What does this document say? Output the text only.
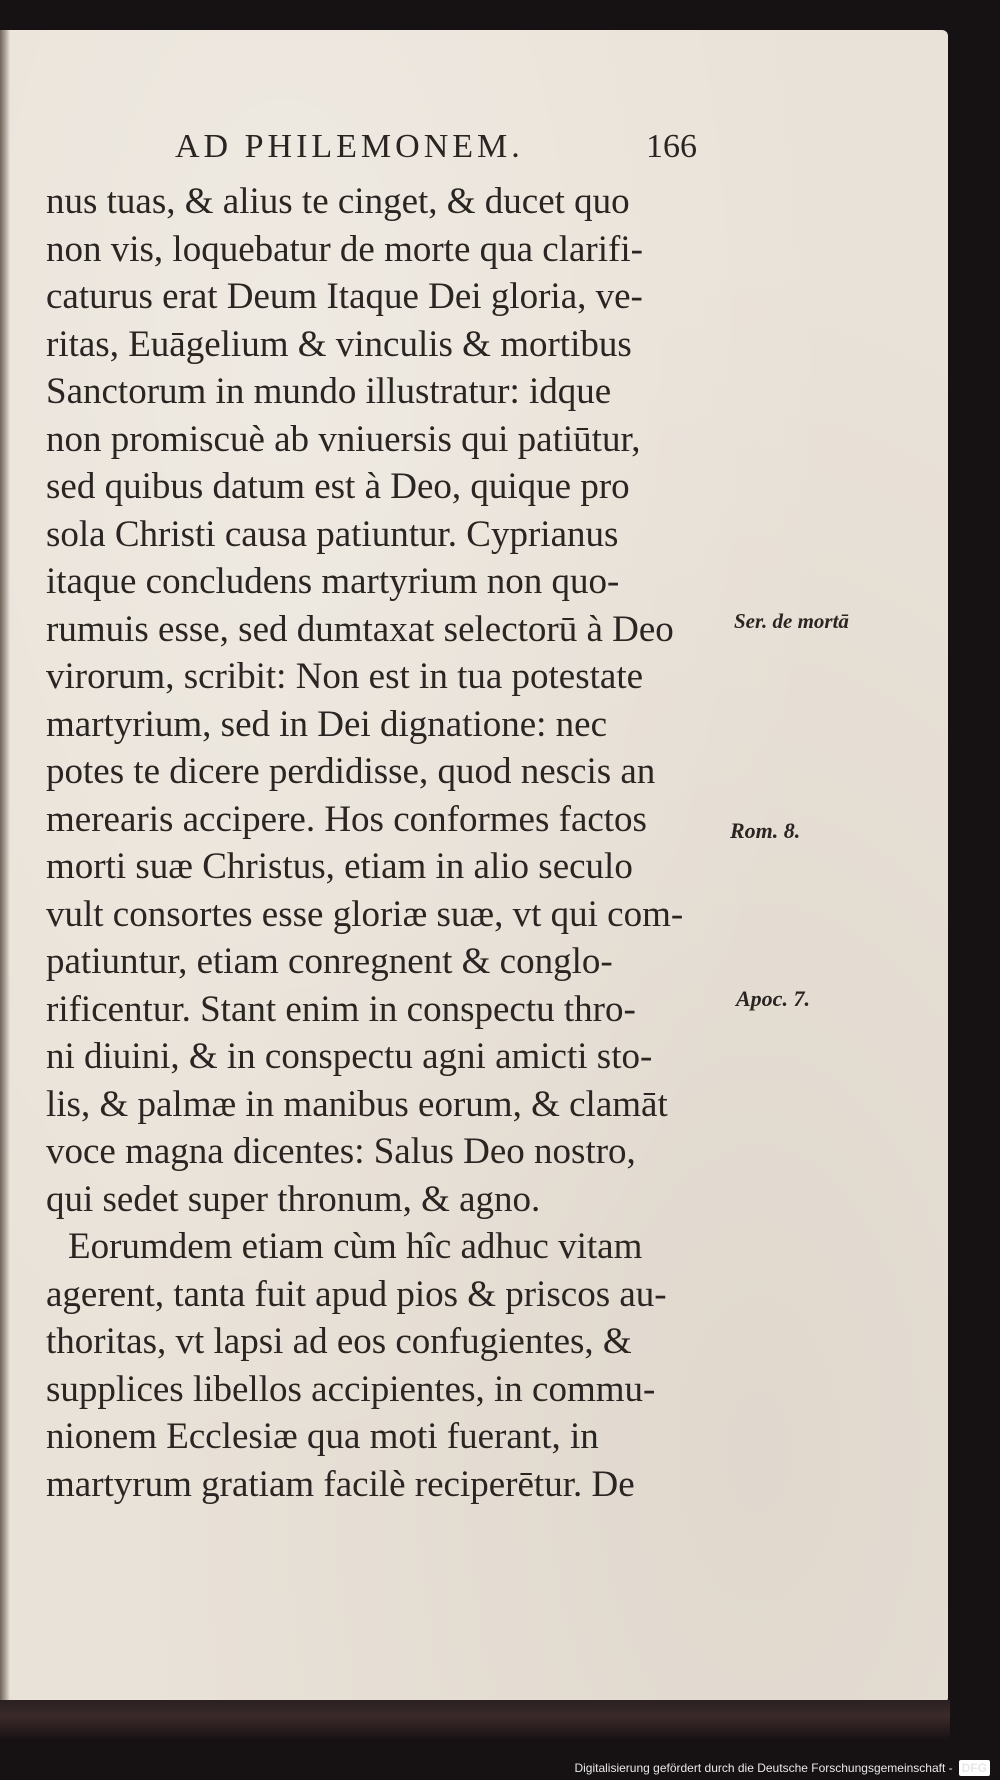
AD PHILEMONEM.	166
nus tuas, & alius te cinget, & ducet quo
non vis, loquebatur de morte qua clarifi-
caturus erat Deum Itaque Dei gloria, ve-
ritas, Euāgelium & vinculis & mortibus
Sanctorum in mundo illustratur: idque
non promiscuè ab vniuersis qui patiūtur,
sed quibus datum est à Deo, quique pro
sola Christi causa patiuntur. Cyprianus
itaque concludens martyrium non quo-
rumuis esse, sed dumtaxat selectorū à Deo
virorum, scribit: Non est in tua potestate
martyrium, sed in Dei dignatione: nec
potes te dicere perdidisse, quod nescis an
merearis accipere. Hos conformes factos
morti suæ Christus, etiam in alio seculo
vult consortes esse gloriæ suæ, vt qui com-
patiuntur, etiam conregnent & conglo-
rificentur. Stant enim in conspectu thro-
ni diuini, & in conspectu agni amicti sto-
lis, & palmæ in manibus eorum, & clamāt
voce magna dicentes: Salus Deo nostro,
qui sedet super thronum, & agno.
Eorumdem etiam cùm hîc adhuc vitam
agerent, tanta fuit apud pios & priscos au-
thoritas, vt lapsi ad eos confugientes, &
supplices libellos accipientes, in commu-
nionem Ecclesiæ qua moti fuerant, in
martyrum gratiam facilè reciperētur. De
Ser. de mortā
Rom. 8.
Apoc. 7.
Digitalisierung gefördert durch die Deutsche Forschungsgemeinschaft - DFG
